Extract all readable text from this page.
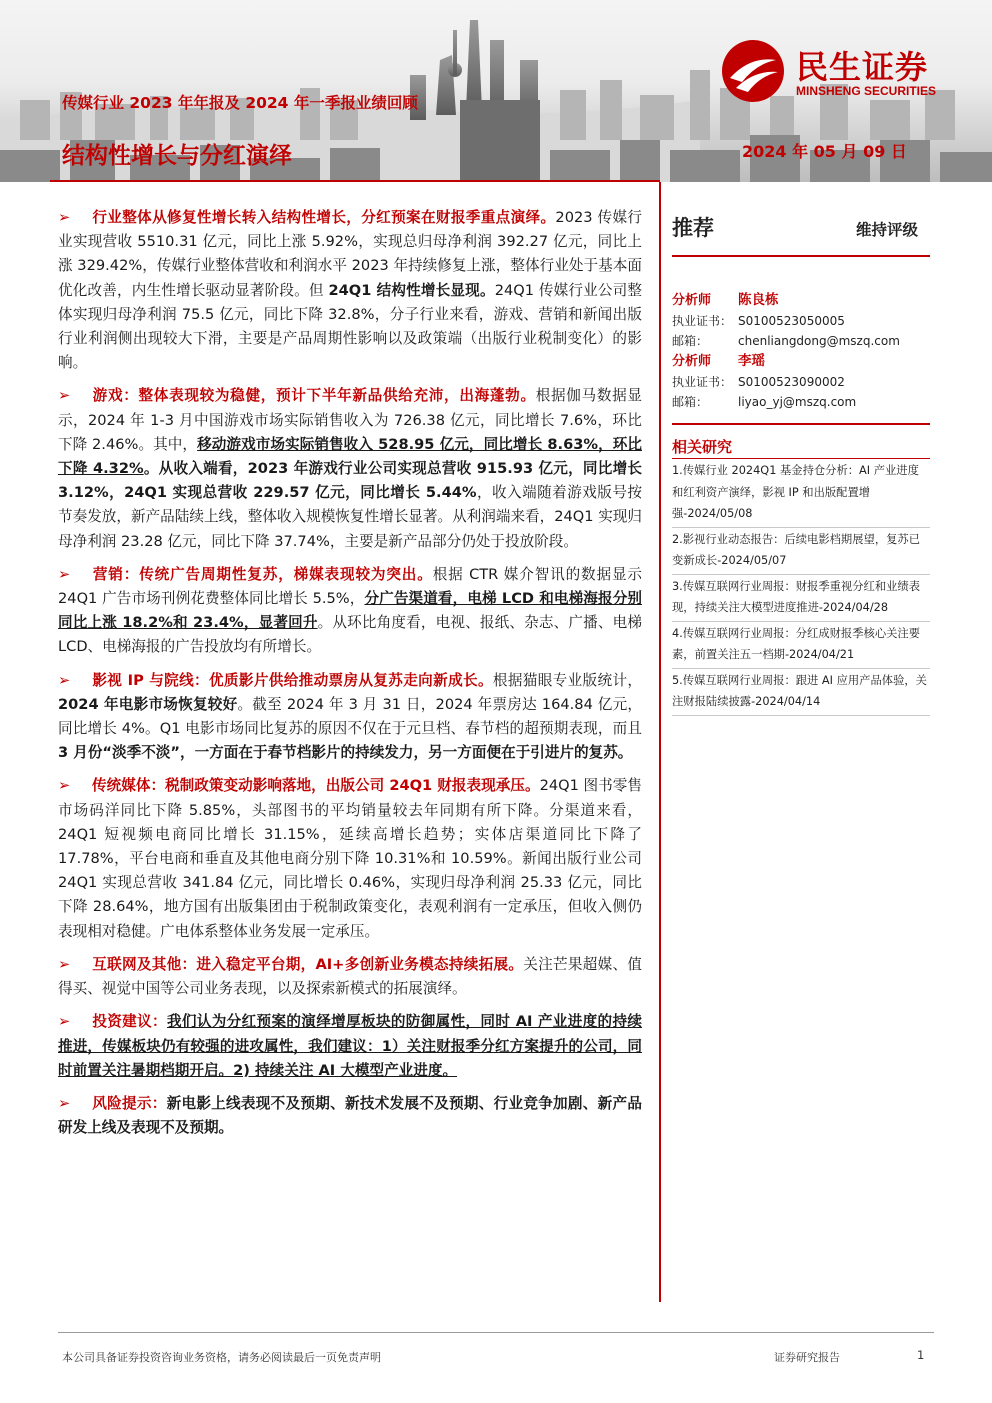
传媒行业 2023 年年报及 2024 年一季报业绩回顾
结构性增长与分红演绎	2024 年 05 月 09 日
民生证券
MINSHENG SECURITIES

➢ 行业整体从修复性增长转入结构性增长，分红预案在财报季重点演绎。2023 传媒行业实现营收 5510.31 亿元，同比上涨 5.92%，实现总归母净利润 392.27 亿元，同比上涨 329.42%，传媒行业整体营收和利润水平 2023 年持续修复上涨，整体行业处于基本面优化改善，内生性增长驱动显著阶段。但 24Q1 结构性增长显现。24Q1 传媒行业公司整体实现归母净利润 75.5 亿元，同比下降 32.8%，分子行业来看，游戏、营销和新闻出版行业利润侧出现较大下滑，主要是产品周期性影响以及政策端（出版行业税制变化）的影响。

➢ 游戏：整体表现较为稳健，预计下半年新品供给充沛，出海蓬勃。根据伽马数据显示，2024 年 1-3 月中国游戏市场实际销售收入为 726.38 亿元，同比增长 7.6%，环比下降 2.46%。其中，移动游戏市场实际销售收入 528.95 亿元，同比增长 8.63%，环比下降 4.32%。从收入端看，2023 年游戏行业公司实现总营收 915.93 亿元，同比增长 3.12%，24Q1 实现总营收 229.57 亿元，同比增长 5.44%，收入端随着游戏版号按节奏发放，新产品陆续上线，整体收入规模恢复性增长显著。从利润端来看，24Q1 实现归母净利润 23.28 亿元，同比下降 37.74%，主要是新产品部分仍处于投放阶段。

➢ 营销：传统广告周期性复苏，梯媒表现较为突出。根据 CTR 媒介智讯的数据显示 24Q1 广告市场刊例花费整体同比增长 5.5%，分广告渠道看，电梯 LCD 和电梯海报分别同比上涨 18.2%和 23.4%，显著回升。从环比角度看，电视、报纸、杂志、广播、电梯 LCD、电梯海报的广告投放均有所增长。

➢ 影视 IP 与院线：优质影片供给推动票房从复苏走向新成长。根据猫眼专业版统计，2024 年电影市场恢复较好。截至 2024 年 3 月 31 日，2024 年票房达 164.84 亿元，同比增长 4%。Q1 电影市场同比复苏的原因不仅在于元旦档、春节档的超预期表现，而且 3 月份“淡季不淡”，一方面在于春节档影片的持续发力，另一方面便在于引进片的复苏。

➢ 传统媒体：税制政策变动影响落地，出版公司 24Q1 财报表现承压。24Q1 图书零售市场码洋同比下降 5.85%，头部图书的平均销量较去年同期有所下降。分渠道来看，24Q1 短视频电商同比增长 31.15%，延续高增长趋势；实体店渠道同比下降了 17.78%，平台电商和垂直及其他电商分别下降 10.31%和 10.59%。新闻出版行业公司 24Q1 实现总营收 341.84 亿元，同比增长 0.46%，实现归母净利润 25.33 亿元，同比下降 28.64%，地方国有出版集团由于税制政策变化，表观利润有一定承压，但收入侧仍表现相对稳健。广电体系整体业务发展一定承压。

➢ 互联网及其他：进入稳定平台期，AI+多创新业务模态持续拓展。关注芒果超媒、值得买、视觉中国等公司业务表现，以及探索新模式的拓展演绎。

➢ 投资建议：我们认为分红预案的演绎增厚板块的防御属性，同时 AI 产业进度的持续推进，传媒板块仍有较强的进攻属性，我们建议：1）关注财报季分红方案提升的公司，同时前置关注暑期档期开启。2) 持续关注 AI 大模型产业进度。

➢ 风险提示：新电影上线表现不及预期、新技术发展不及预期、行业竞争加剧、新产品研发上线及表现不及预期。

推荐	维持评级
分析师 陈良栋
执业证书： S0100523050005
邮箱： chenliangdong@mszq.com
分析师 李瑶
执业证书： S0100523090002
邮箱： liyao_yj@mszq.com
相关研究
1.传媒行业 2024Q1 基金持仓分析：AI 产业进度和红利资产演绎，影视 IP 和出版配置增强-2024/05/08
2.影视行业动态报告：后续电影档期展望，复苏已变新成长-2024/05/07
3.传媒互联网行业周报：财报季重视分红和业绩表现，持续关注大模型进度推进-2024/04/28
4.传媒互联网行业周报：分红成财报季核心关注要素，前置关注五一档期-2024/04/21
5.传媒互联网行业周报：跟进 AI 应用产品体验，关注财报陆续披露-2024/04/14
本公司具备证券投资咨询业务资格，请务必阅读最后一页免责声明	证券研究报告	1
